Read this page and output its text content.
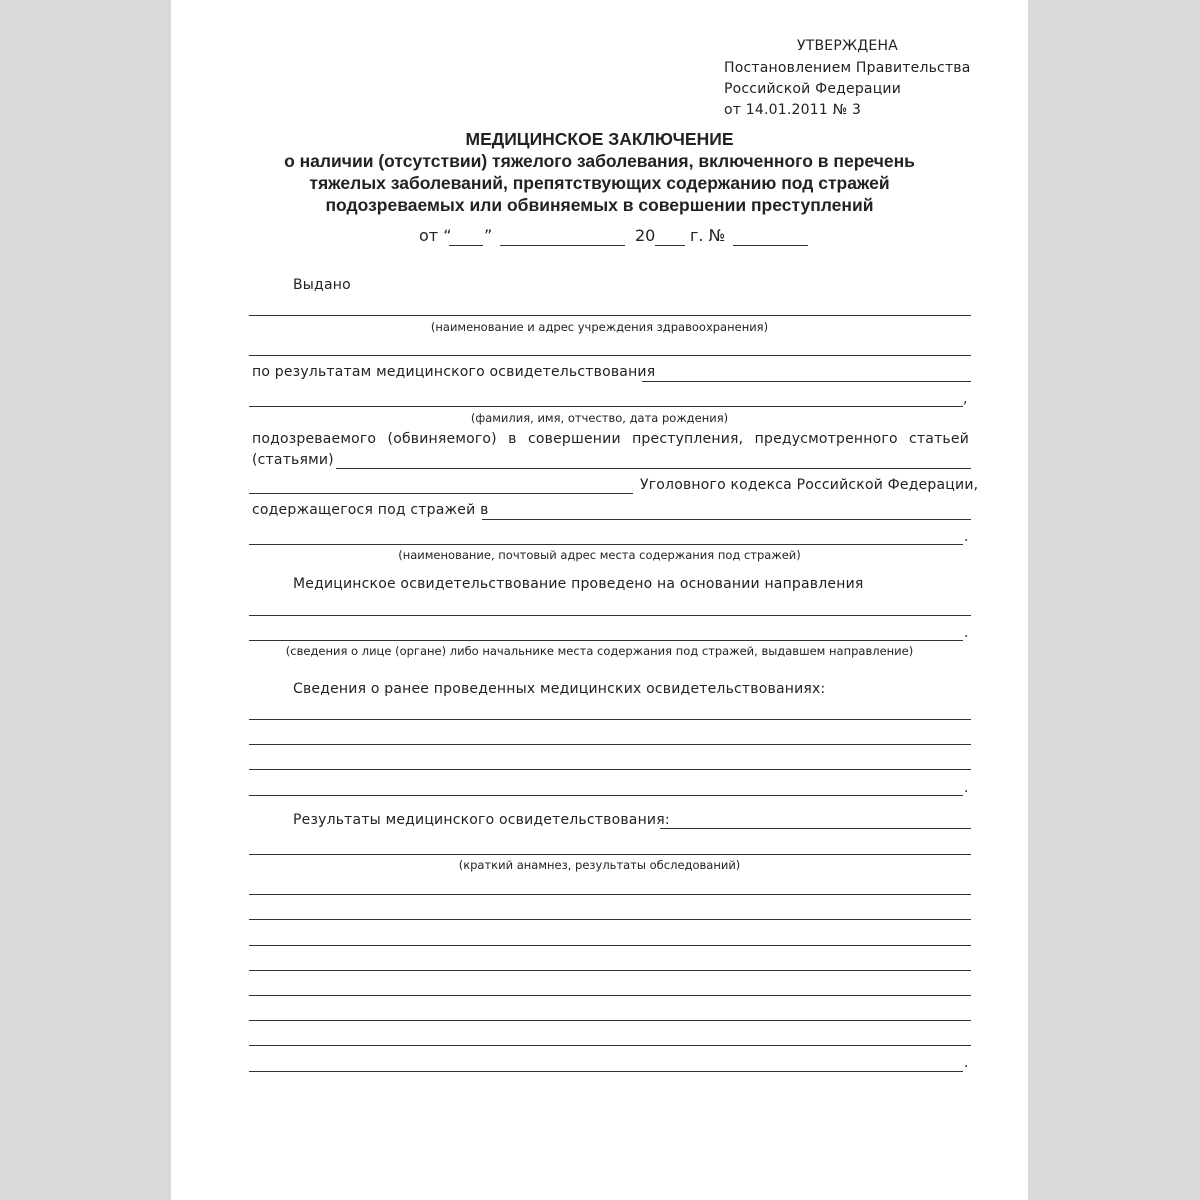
УТВЕРЖДЕНА
Постановлением Правительства
Российской Федерации
от 14.01.2011 № 3
МЕДИЦИНСКОЕ ЗАКЛЮЧЕНИЕ
о наличии (отсутствии) тяжелого заболевания, включенного в перечень
тяжелых заболеваний, препятствующих содержанию под стражей
подозреваемых или обвиняемых в совершении преступлений
от “ ”	20 г. №
Выдано
(наименование и адрес учреждения здравоохранения)
по результатам медицинского освидетельствования
,
(фамилия, имя, отчество, дата рождения)
подозреваемого (обвиняемого) в совершении преступления, предусмотренного статьей
(статьями)
Уголовного кодекса Российской Федерации,
содержащегося под стражей в
.
(наименование, почтовый адрес места содержания под стражей)
Медицинское освидетельствование проведено на основании направления
.
(сведения о лице (органе) либо начальнике места содержания под стражей, выдавшем направление)
Сведения о ранее проведенных медицинских освидетельствованиях:
.
Результаты медицинского освидетельствования:
(краткий анамнез, результаты обследований)
.
